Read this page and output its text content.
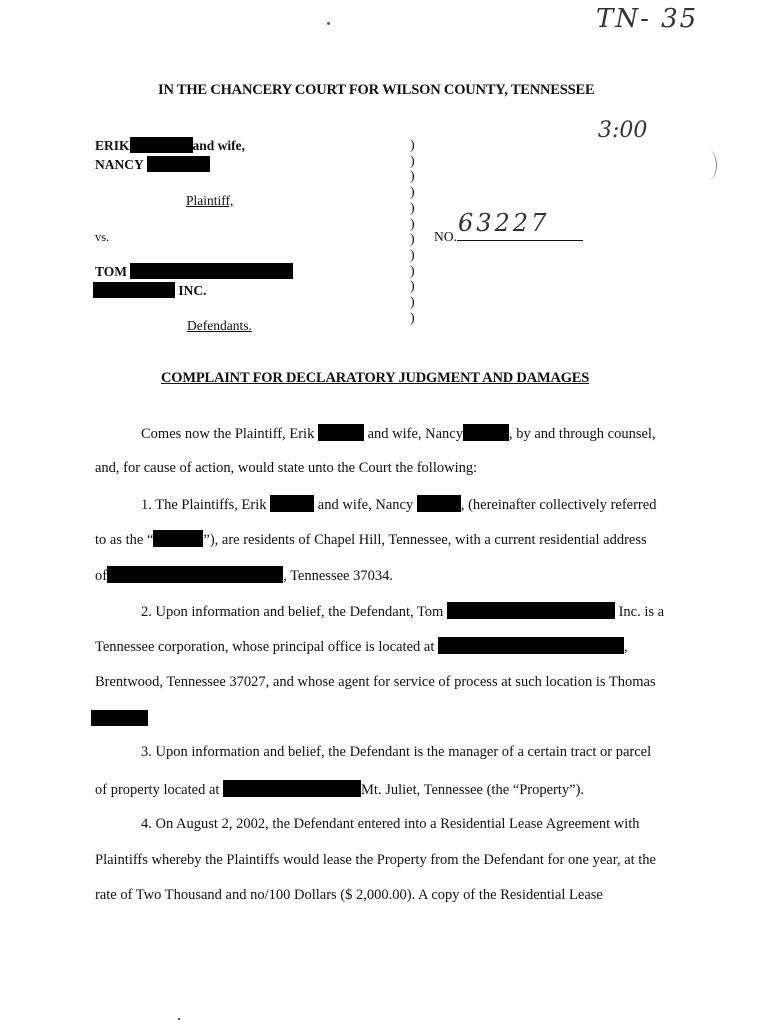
TN- 35
3:00
IN THE CHANCERY COURT FOR WILSON COUNTY, TENNESSEE
ERIK	and wife,
NANCY
Plaintiff,
vs.
TOM
INC.
Defendants.
)
)
)
)
)
)
)
)
)
)
)
)
NO. 63227
COMPLAINT FOR DECLARATORY JUDGMENT AND DAMAGES
Comes now the Plaintiff, Erik	and wife, Nancy	, by and through counsel,
and, for cause of action, would state unto the Court the following:
1. The Plaintiffs, Erik	and wife, Nancy	, (hereinafter collectively referred
to as the “	”), are residents of Chapel Hill, Tennessee, with a current residential address
of	, Tennessee 37034.
2. Upon information and belief, the Defendant, Tom	Inc. is a
Tennessee corporation, whose principal office is located at	,
Brentwood, Tennessee 37027, and whose agent for service of process at such location is Thomas
3. Upon information and belief, the Defendant is the manager of a certain tract or parcel
of property located at	Mt. Juliet, Tennessee (the “Property”).
4. On August 2, 2002, the Defendant entered into a Residential Lease Agreement with
Plaintiffs whereby the Plaintiffs would lease the Property from the Defendant for one year, at the
rate of Two Thousand and no/100 Dollars ($ 2,000.00). A copy of the Residential Lease
